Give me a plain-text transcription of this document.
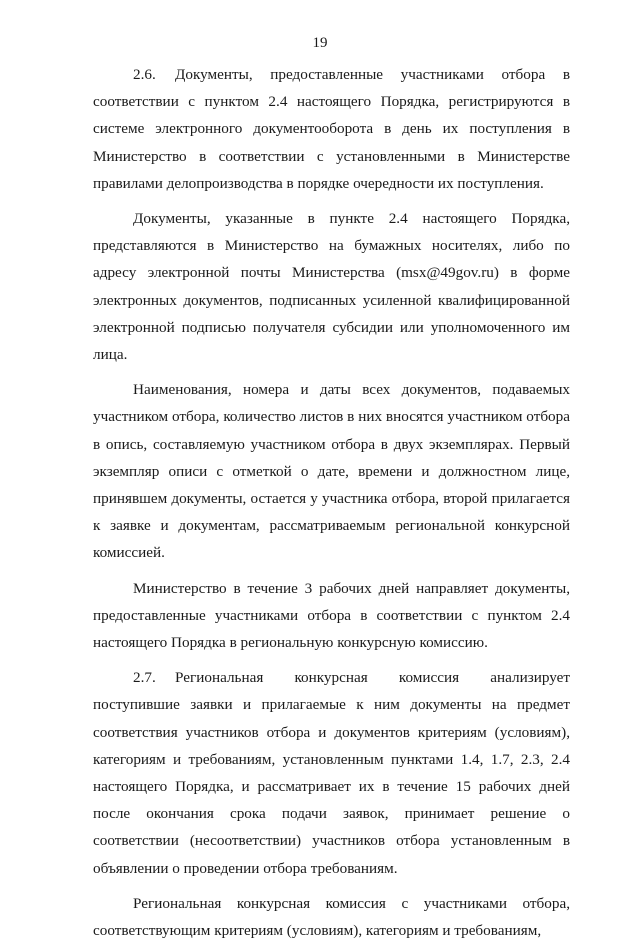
19

2.6. Документы, предоставленные участниками отбора в соответствии с пунктом 2.4 настоящего Порядка, регистрируются в системе электронного документооборота в день их поступления в Министерство в соответствии с установленными в Министерстве правилами делопроизводства в порядке очередности их поступления.

Документы, указанные в пункте 2.4 настоящего Порядка, представляются в Министерство на бумажных носителях, либо по адресу электронной почты Министерства (msx@49gov.ru) в форме электронных документов, подписанных усиленной квалифицированной электронной подписью получателя субсидии или уполномоченного им лица.

Наименования, номера и даты всех документов, подаваемых участником отбора, количество листов в них вносятся участником отбора в опись, составляемую участником отбора в двух экземплярах. Первый экземпляр описи с отметкой о дате, времени и должностном лице, принявшем документы, остается у участника отбора, второй прилагается к заявке и документам, рассматриваемым региональной конкурсной комиссией.

Министерство в течение 3 рабочих дней направляет документы, предоставленные участниками отбора в соответствии с пунктом 2.4 настоящего Порядка в региональную конкурсную комиссию.

2.7. Региональная конкурсная комиссия анализирует поступившие заявки и прилагаемые к ним документы на предмет соответствия участников отбора и документов критериям (условиям), категориям и требованиям, установленным пунктами 1.4, 1.7, 2.3, 2.4 настоящего Порядка, и рассматривает их в течение 15 рабочих дней после окончания срока подачи заявок, принимает решение о соответствии (несоответствии) участников отбора установленным в объявлении о проведении отбора требованиям.

Региональная конкурсная комиссия с участниками отбора, соответствующим критериям (условиям), категориям и требованиям,
